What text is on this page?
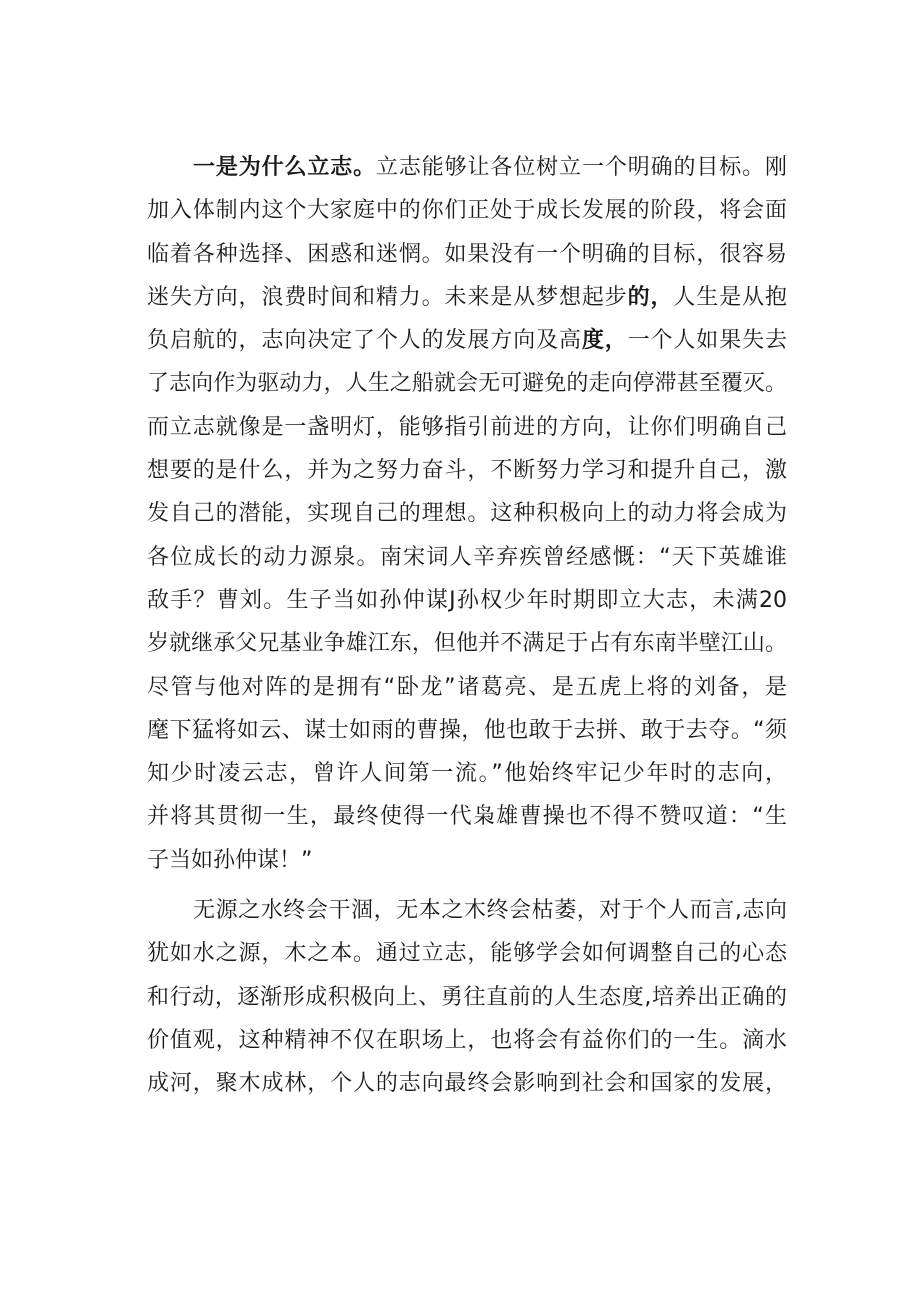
一是为什么立志。立志能够让各位树立一个明确的目标。刚
加入体制内这个大家庭中的你们正处于成长发展的阶段，将会面
临着各种选择、困惑和迷惘。如果没有一个明确的目标，很容易
迷失方向，浪费时间和精力。未来是从梦想起步的，人生是从抱
负启航的，志向决定了个人的发展方向及高度，一个人如果失去
了志向作为驱动力，人生之船就会无可避免的走向停滞甚至覆灭。
而立志就像是一盏明灯，能够指引前进的方向，让你们明确自己
想要的是什么，并为之努力奋斗，不断努力学习和提升自己，激
发自己的潜能，实现自己的理想。这种积极向上的动力将会成为
各位成长的动力源泉。南宋词人辛弃疾曾经感慨：“天下英雄谁
敌手？曹刘。生子当如孙仲谋J孙权少年时期即立大志，未满20
岁就继承父兄基业争雄江东，但他并不满足于占有东南半壁江山。
尽管与他对阵的是拥有“卧龙”诸葛亮、是五虎上将的刘备，是
麾下猛将如云、谋士如雨的曹操，他也敢于去拼、敢于去夺。“须
知少时凌云志，曾许人间第一流。”他始终牢记少年时的志向，
并将其贯彻一生，最终使得一代枭雄曹操也不得不赞叹道：“生
子当如孙仲谋！”
无源之水终会干涸，无本之木终会枯萎，对于个人而言,志向
犹如水之源，木之本。通过立志，能够学会如何调整自己的心态
和行动，逐渐形成积极向上、勇往直前的人生态度,培养出正确的
价值观，这种精神不仅在职场上，也将会有益你们的一生。滴水
成河，聚木成林，个人的志向最终会影响到社会和国家的发展，
